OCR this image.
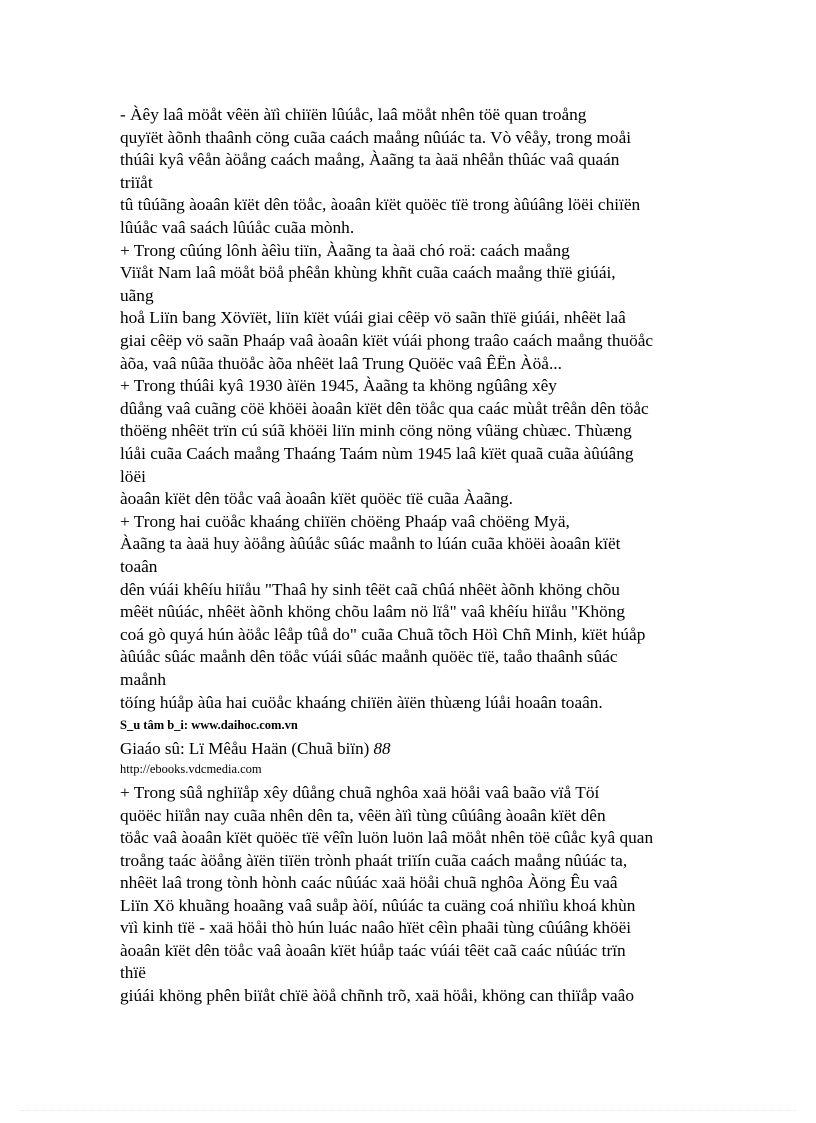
- Àêy laâ möåt vêën àïì chiïën lûúåc, laâ möåt nhên töë quan troång
quyïët àõnh thaânh cöng cuãa caách maång nûúác ta. Vò vêåy, trong moåi
thúâi kyâ vêån àöång caách maång, Àaãng ta àaä nhêån thûác vaâ quaán
triïåt
tû tûúãng àoaân kïët dên töåc, àoaân kïët quöëc tïë trong àûúâng löëi chiïën
lûúåc vaâ saách lûúåc cuãa mònh.
+ Trong cûúng lônh àêìu tiïn, Àaãng ta àaä chó roä: caách maång
Viïåt Nam laâ möåt böå phêån khùng khñt cuãa caách maång thïë giúái,
uãng
hoå Liïn bang Xövïët, liïn kïët vúái giai cêëp vö saãn thïë giúái, nhêët laâ
giai cêëp vö saãn Phaáp vaâ àoaân kïët vúái phong traâo caách maång thuöåc
àõa, vaâ nûãa thuöåc àõa nhêët laâ Trung Quöëc vaâ ÊËn Àöå...
+ Trong thúâi kyâ 1930 àïën 1945, Àaãng ta khöng ngûâng xêy
dûång vaâ cuãng cöë khöëi àoaân kïët dên töåc qua caác mùåt trêån dên töåc
thöëng nhêët trïn cú súã khöëi liïn minh cöng nöng vûäng chùæc. Thùæng
lúåi cuãa Caách maång Thaáng Taám nùm 1945 laâ kïët quaã cuãa àûúâng
löëi
àoaân kïët dên töåc vaâ àoaân kïët quöëc tïë cuãa Àaãng.
+ Trong hai cuöåc khaáng chiïën chöëng Phaáp vaâ chöëng Myä,
Àaãng ta àaä huy àöång àûúåc sûác maånh to lúán cuãa khöëi àoaân kïët
toaân
dên vúái khêíu hiïåu "Thaâ hy sinh têët caã chûá nhêët àõnh khöng chõu
mêët nûúác, nhêët àõnh khöng chõu laâm nö lïå" vaâ khêíu hiïåu "Khöng
coá gò quyá hún àöåc lêåp tûå do" cuãa Chuã tõch Höì Chñ Minh, kïët húåp
àûúåc sûác maånh dên töåc vúái sûác maånh quöëc tïë, taåo thaânh sûác
maånh
töíng húåp àûa hai cuöåc khaáng chiïën àïën thùæng lúåi hoaân toaân.
S_u tâm b_i: www.daihoc.com.vn
Giaáo sû: Lï Mêåu Haän (Chuã biïn) 88
http://ebooks.vdcmedia.com
+ Trong sûå nghiïåp xêy dûång chuã nghôa xaä höåi vaâ baão vïå Töí
quöëc hiïån nay cuãa nhên dên ta, vêën àïì tùng cûúâng àoaân kïët dên
töåc vaâ àoaân kïët quöëc tïë vêîn luön luön laâ möåt nhên töë cûåc kyâ quan
troång taác àöång àïën tiïën trònh phaát triïín cuãa caách maång nûúác ta,
nhêët laâ trong tònh hònh caác nûúác xaä höåi chuã nghôa Àöng Êu vaâ
Liïn Xö khuãng hoaãng vaâ suåp àöí, nûúác ta cuäng coá nhiïìu khoá khùn
vïì kinh tïë - xaä höåi thò hún luác naâo hïët cêìn phaãi tùng cûúâng khöëi
àoaân kïët dên töåc vaâ àoaân kïët húåp taác vúái têët caã caác nûúác trïn
thïë
giúái khöng phên biïåt chïë àöå chñnh trõ, xaä höåi, khöng can thiïåp vaâo
